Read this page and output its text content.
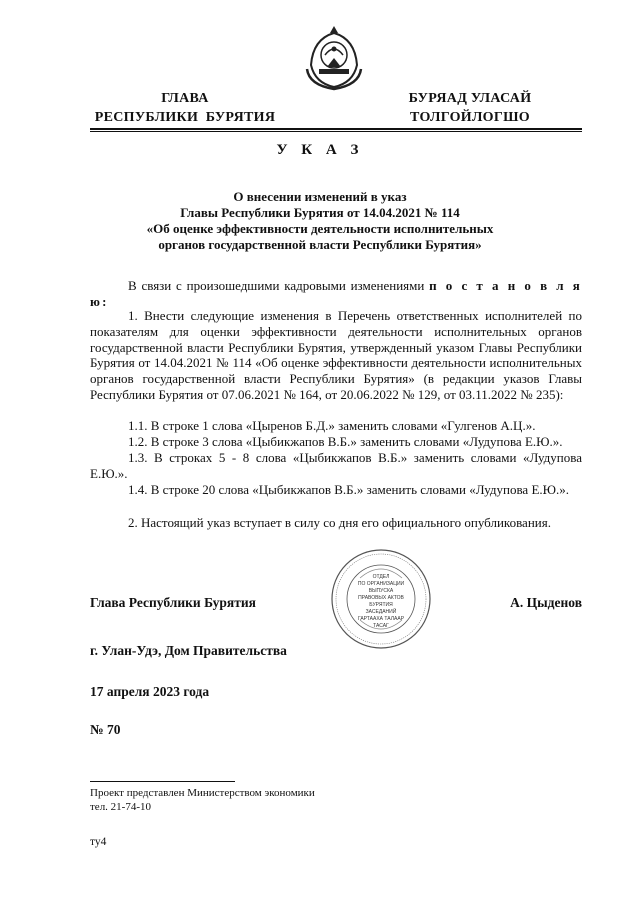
ГЛАВА
РЕСПУБЛИКИ  БУРЯТИЯ
БУРЯАД УЛАСАЙ
ТОЛГОЙЛОГШО
У К А З
О внесении изменений в указ
Главы Республики Бурятия от 14.04.2021 № 114
«Об оценке эффективности деятельности исполнительных
органов государственной власти Республики Бурятия»
В связи с произошедшими кадровыми изменениями п о с т а н о в л я ю:
1. Внести следующие изменения в Перечень ответственных исполнителей по показателям для оценки эффективности деятельности исполнительных органов государственной власти Республики Бурятия, утвержденный указом Главы Республики Бурятия от 14.04.2021 № 114 «Об оценке эффективности деятельности исполнительных органов государственной власти Республики Бурятия» (в редакции указов Главы Республики Бурятия от 07.06.2021 № 164, от 20.06.2022 № 129, от 03.11.2022 № 235):
1.1. В строке 1 слова «Цыренов Б.Д.» заменить словами «Гулгенов А.Ц.».
1.2. В строке 3 слова «Цыбикжапов В.Б.» заменить словами «Лудупова Е.Ю.».
1.3. В строках 5 - 8 слова «Цыбикжапов В.Б.» заменить словами «Лудупова Е.Ю.».
1.4. В строке 20 слова «Цыбикжапов В.Б.» заменить словами «Лудупова Е.Ю.».
2. Настоящий указ вступает в силу со дня его официального опубликования.
ОТДЕЛ
ПО ОРГАНИЗАЦИИ
ВЫПУСКА
ПРАВОВЫХ АКТОВ
БУРЯТИЯ
ЗАСЕДАНИЙ
ГАРТААХА ТАЛААР
ТАСАГ
Глава Республики Бурятия	А. Цыденов
г. Улан-Удэ, Дом Правительства
17 апреля 2023 года
№ 70
Проект представлен Министерством экономики
тел. 21-74-10
ту4
